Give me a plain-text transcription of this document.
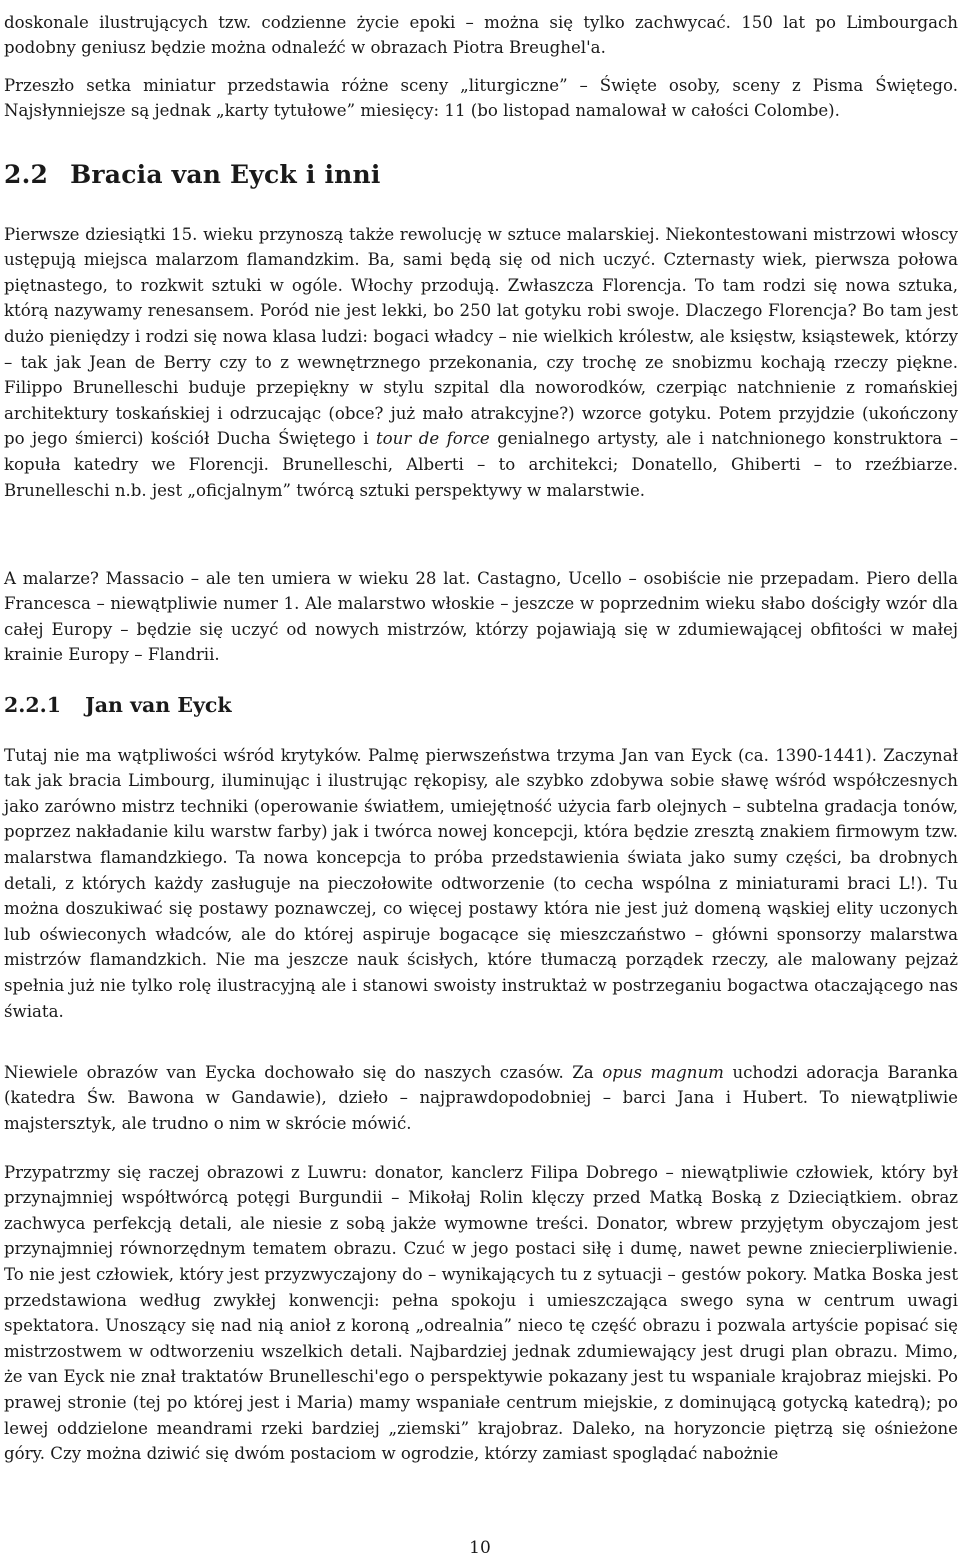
doskonale ilustrujących tzw. codzienne życie epoki – można się tylko zachwycać. 150 lat po Limbourgach podobny geniusz będzie można odnaleźć w obrazach Piotra Breughel'a.

Przeszło setka miniatur przedstawia różne sceny „liturgiczne” – Święte osoby, sceny z Pisma Świętego. Najsłynniejsze są jednak „karty tytułowe” miesięcy: 11 (bo listopad namalował w całości Colombe).

2.2 Bracia van Eyck i inni

Pierwsze dziesiątki 15. wieku przynoszą także rewolucję w sztuce malarskiej. Niekontestowani mistrzowi włoscy ustępują miejsca malarzom flamandzkim. Ba, sami będą się od nich uczyć. Czternasty wiek, pierwsza połowa piętnastego, to rozkwit sztuki w ogóle. Włochy przodują. Zwłaszcza Florencja. To tam rodzi się nowa sztuka, którą nazywamy renesansem. Poród nie jest lekki, bo 250 lat gotyku robi swoje. Dlaczego Florencja? Bo tam jest dużo pieniędzy i rodzi się nowa klasa ludzi: bogaci władcy – nie wielkich królestw, ale księstw, ksiąstewek, którzy – tak jak Jean de Berry czy to z wewnętrznego przekonania, czy trochę ze snobizmu kochają rzeczy piękne. Filippo Brunelleschi buduje przepiękny w stylu szpital dla noworodków, czerpiąc natchnienie z romańskiej architektury toskańskiej i odrzucając (obce? już mało atrakcyjne?) wzorce gotyku. Potem przyjdzie (ukończony po jego śmierci) kościół Ducha Świętego i tour de force genialnego artysty, ale i natchnionego konstruktora – kopuła katedry we Florencji. Brunelleschi, Alberti – to architekci; Donatello, Ghiberti – to rzeźbiarze. Brunelleschi n.b. jest „oficjalnym” twórcą sztuki perspektywy w malarstwie.

A malarze? Massacio – ale ten umiera w wieku 28 lat. Castagno, Ucello – osobiście nie przepadam. Piero della Francesca – niewątpliwie numer 1. Ale malarstwo włoskie – jeszcze w poprzednim wieku słabo dościgły wzór dla całej Europy – będzie się uczyć od nowych mistrzów, którzy pojawiają się w zdumiewającej obfitości w małej krainie Europy – Flandrii.

2.2.1 Jan van Eyck

Tutaj nie ma wątpliwości wśród krytyków. Palmę pierwszeństwa trzyma Jan van Eyck (ca. 1390-1441). Zaczynał tak jak bracia Limbourg, iluminując i ilustrując rękopisy, ale szybko zdobywa sobie sławę wśród współczesnych jako zarówno mistrz techniki (operowanie światłem, umiejętność użycia farb olejnych – subtelna gradacja tonów, poprzez nakładanie kilu warstw farby) jak i twórca nowej koncepcji, która będzie zresztą znakiem firmowym tzw. malarstwa flamandzkiego. Ta nowa koncepcja to próba przedstawienia świata jako sumy części, ba drobnych detali, z których każdy zasługuje na pieczołowite odtworzenie (to cecha wspólna z miniaturami braci L!). Tu można doszukiwać się postawy poznawczej, co więcej postawy która nie jest już domeną wąskiej elity uczonych lub oświeconych władców, ale do której aspiruje bogacące się mieszczaństwo – główni sponsorzy malarstwa mistrzów flamandzkich. Nie ma jeszcze nauk ścisłych, które tłumaczą porządek rzeczy, ale malowany pejzaż spełnia już nie tylko rolę ilustracyjną ale i stanowi swoisty instruktaż w postrzeganiu bogactwa otaczającego nas świata.

Niewiele obrazów van Eycka dochowało się do naszych czasów. Za opus magnum uchodzi adoracja Baranka (katedra Św. Bawona w Gandawie), dzieło – najprawdopodobniej – barci Jana i Hubert. To niewątpliwie majstersztyk, ale trudno o nim w skrócie mówić.

Przypatrzmy się raczej obrazowi z Luwru: donator, kanclerz Filipa Dobrego – niewątpliwie człowiek, który był przynajmniej współtwórcą potęgi Burgundii – Mikołaj Rolin klęczy przed Matką Boską z Dzieciątkiem. obraz zachwyca perfekcją detali, ale niesie z sobą jakże wymowne treści. Donator, wbrew przyjętym obyczajom jest przynajmniej równorzędnym tematem obrazu. Czuć w jego postaci siłę i dumę, nawet pewne zniecierpliwienie. To nie jest człowiek, który jest przyzwyczajony do – wynikających tu z sytuacji – gestów pokory. Matka Boska jest przedstawiona według zwykłej konwencji: pełna spokoju i umieszczająca swego syna w centrum uwagi spektatora. Unoszący się nad nią anioł z koroną „odrealnia” nieco tę część obrazu i pozwala artyście popisać się mistrzostwem w odtworzeniu wszelkich detali. Najbardziej jednak zdumiewający jest drugi plan obrazu. Mimo, że van Eyck nie znał traktatów Brunelleschi'ego o perspektywie pokazany jest tu wspaniale krajobraz miejski. Po prawej stronie (tej po której jest i Maria) mamy wspaniałe centrum miejskie, z dominującą gotycką katedrą); po lewej oddzielone meandrami rzeki bardziej „ziemski” krajobraz. Daleko, na horyzoncie piętrzą się ośnieżone góry. Czy można dziwić się dwóm postaciom w ogrodzie, którzy zamiast spoglądać nabożnie

10
